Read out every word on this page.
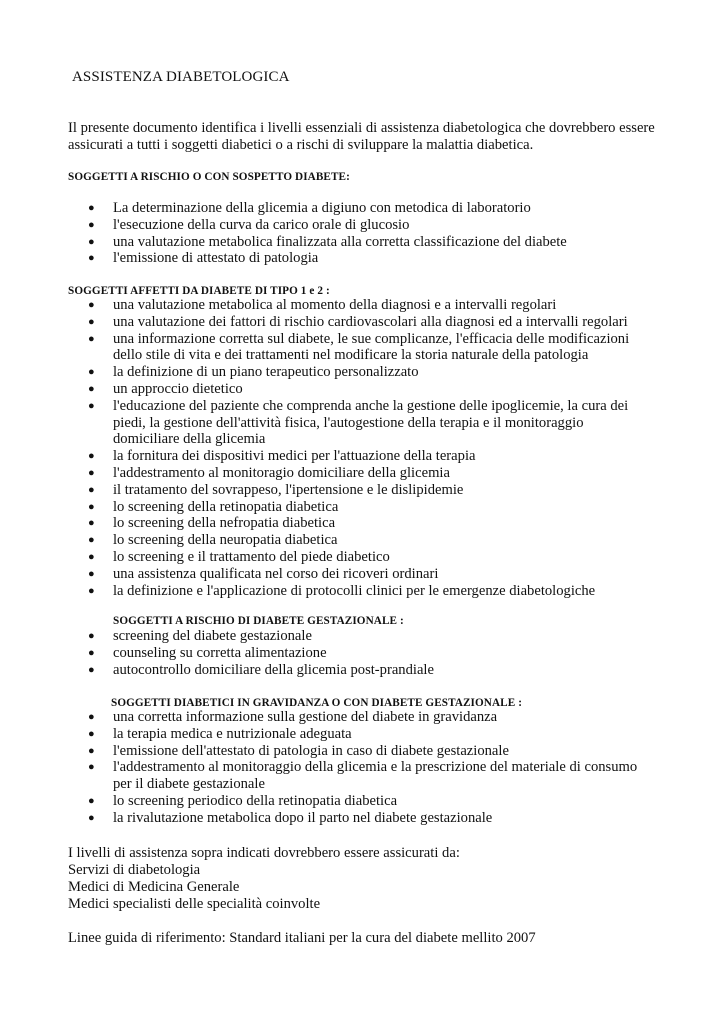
ASSISTENZA DIABETOLOGICA
Il presente documento identifica i livelli essenziali di assistenza diabetologica che dovrebbero essere assicurati a tutti i soggetti diabetici o a rischi di sviluppare la malattia diabetica.
SOGGETTI A RISCHIO O CON SOSPETTO DIABETE:
● La determinazione della glicemia a digiuno con metodica di laboratorio
● l'esecuzione della curva da carico orale di glucosio
● una valutazione metabolica finalizzata alla corretta classificazione del diabete
● l'emissione di attestato di patologia
SOGGETTI AFFETTI DA DIABETE DI TIPO 1 e 2 :
● una valutazione metabolica al momento della diagnosi e a intervalli regolari
● una valutazione dei fattori di rischio cardiovascolari alla diagnosi ed a intervalli regolari
● una informazione corretta sul diabete, le sue complicanze, l'efficacia delle modificazioni dello stile di vita e dei trattamenti nel modificare la storia naturale della patologia
● la definizione di un piano terapeutico personalizzato
● un approccio dietetico
● l'educazione del paziente che comprenda anche la gestione delle ipoglicemie, la cura dei piedi, la gestione dell'attività fisica, l'autogestione della terapia e il monitoraggio domiciliare della glicemia
● la fornitura dei dispositivi medici per l'attuazione della terapia
● l'addestramento al monitoragio domiciliare della glicemia
● il tratamento del sovrappeso, l'ipertensione e le dislipidemie
● lo screening della retinopatia diabetica
● lo screening della nefropatia diabetica
● lo screening della neuropatia diabetica
● lo screening e il trattamento del piede diabetico
● una assistenza qualificata nel corso dei ricoveri ordinari
● la definizione e l'applicazione di protocolli clinici per le emergenze diabetologiche
SOGGETTI A RISCHIO DI DIABETE GESTAZIONALE :
● screening del diabete gestazionale
● counseling su corretta alimentazione
● autocontrollo domiciliare della glicemia post-prandiale
SOGGETTI DIABETICI IN GRAVIDANZA O CON DIABETE GESTAZIONALE :
● una corretta informazione sulla gestione del diabete in gravidanza
● la terapia medica e nutrizionale adeguata
● l'emissione dell'attestato di patologia in caso di diabete gestazionale
● l'addestramento al monitoraggio della glicemia e la prescrizione del materiale di consumo per il diabete gestazionale
● lo screening periodico della retinopatia diabetica
● la rivalutazione metabolica dopo il parto nel diabete gestazionale
I livelli di assistenza sopra indicati dovrebbero essere assicurati da:
Servizi di diabetologia
Medici di Medicina Generale
Medici specialisti delle specialità coinvolte
Linee guida di riferimento: Standard italiani per la cura del diabete mellito 2007
